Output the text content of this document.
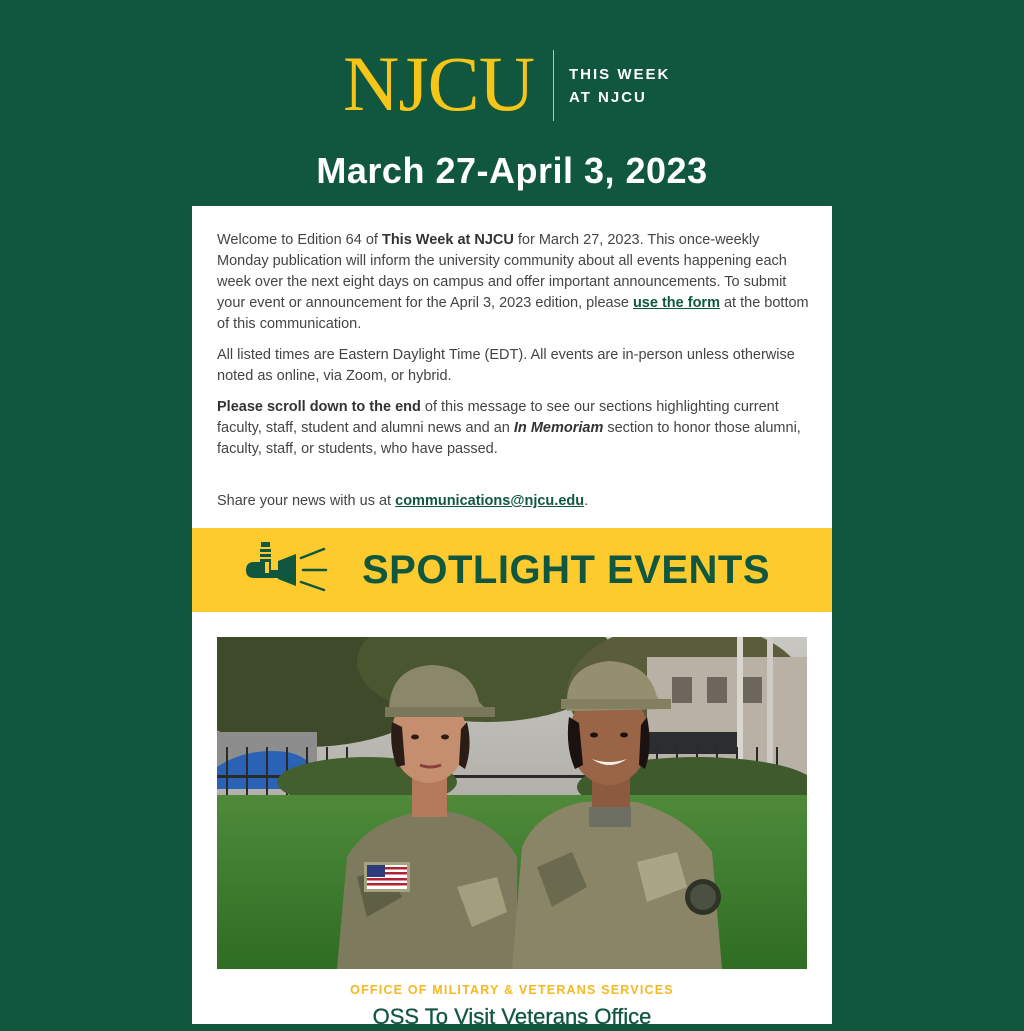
NJCU THIS WEEK
AT NJCU
March 27-April 3, 2023

Welcome to Edition 64 of This Week at NJCU for March 27, 2023. This once-weekly Monday publication will inform the university community about all events happening each week over the next eight days on campus and offer important announcements. To submit your event or announcement for the April 3, 2023 edition, please use the form at the bottom of this communication.

All listed times are Eastern Daylight Time (EDT). All events are in-person unless otherwise noted as online, via Zoom, or hybrid.

Please scroll down to the end of this message to see our sections highlighting current faculty, staff, student and alumni news and an In Memoriam section to honor those alumni, faculty, staff, or students, who have passed.

Share your news with us at communications@njcu.edu.

SPOTLIGHT EVENTS
OFFICE OF MILITARY & VETERANS SERVICES
OSS To Visit Veterans Office
